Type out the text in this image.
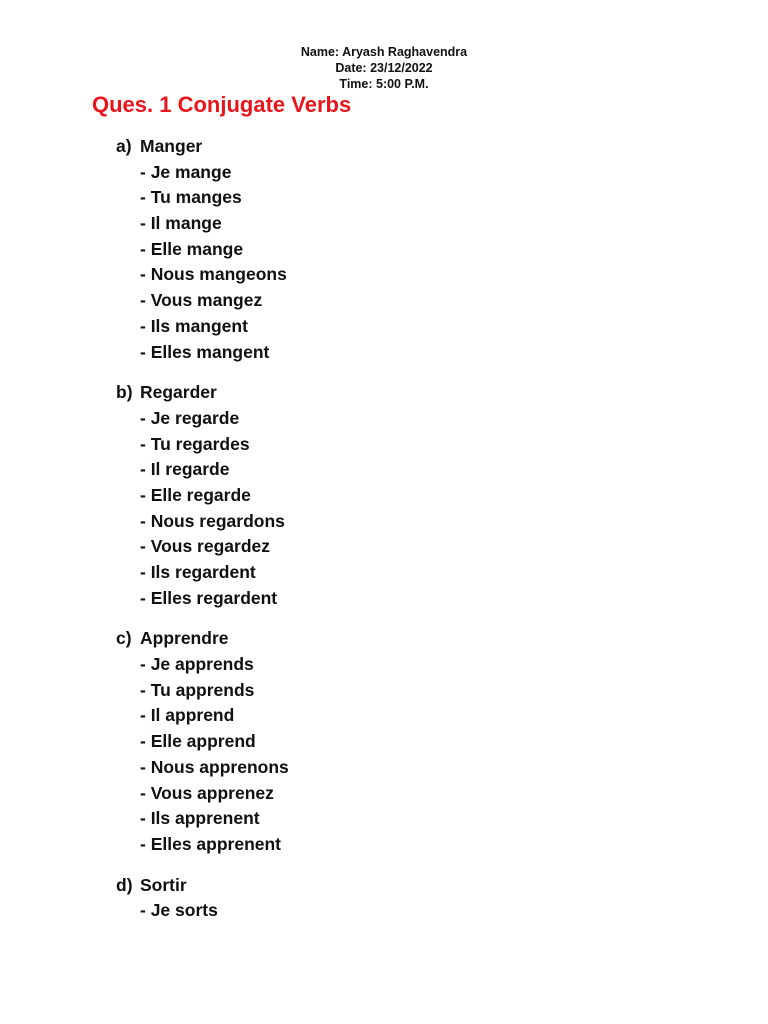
Name: Aryash Raghavendra
Date: 23/12/2022
Time: 5:00 P.M.
Ques. 1 Conjugate Verbs
a) Manger
- Je mange
- Tu manges
- Il mange
- Elle mange
- Nous mangeons
- Vous mangez
- Ils mangent
- Elles mangent
b) Regarder
- Je regarde
- Tu regardes
- Il regarde
- Elle regarde
- Nous regardons
- Vous regardez
- Ils regardent
- Elles regardent
c) Apprendre
- Je apprends
- Tu apprends
- Il apprend
- Elle apprend
- Nous apprenons
- Vous apprenez
- Ils apprenent
- Elles apprenent
d) Sortir
- Je sorts
